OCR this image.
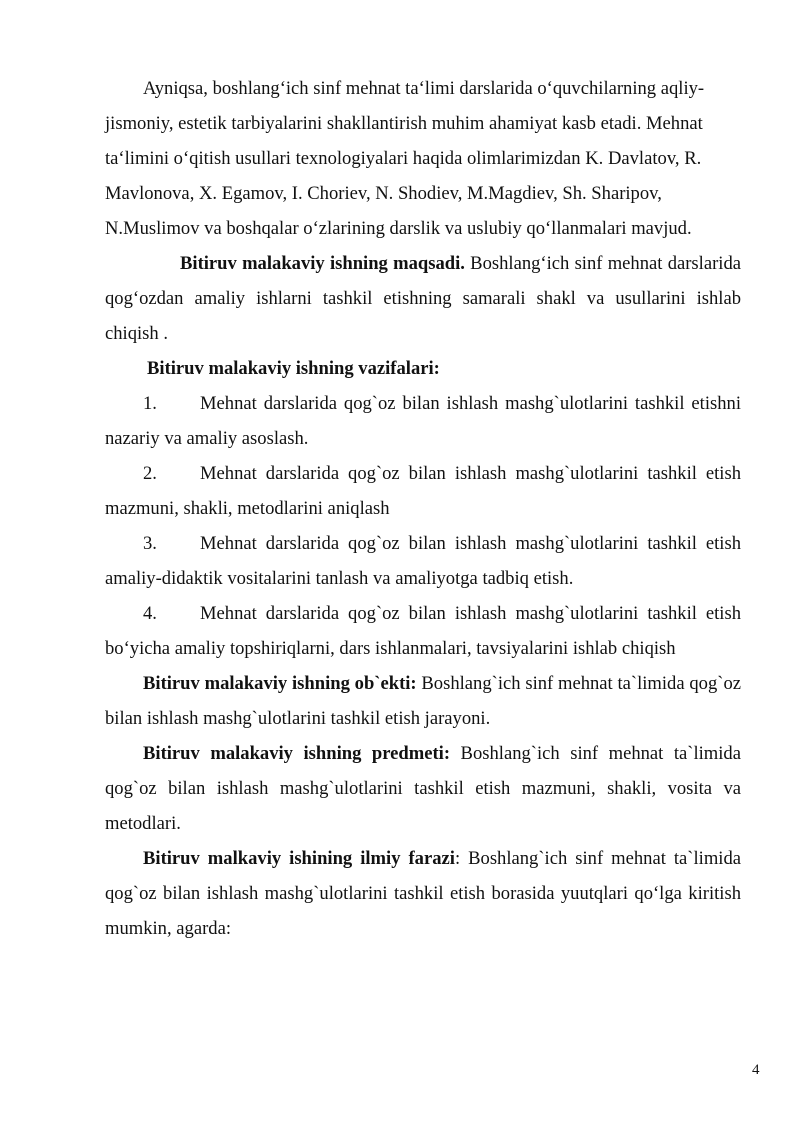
Ayniqsa, boshlang‘ich sinf mehnat ta‘limi darslarida o‘quvchilarning aqliy-jismoniy, estetik tarbiyalarini shakllantirish muhim ahamiyat kasb etadi. Mehnat ta‘limini o‘qitish usullari texnologiyalari haqida olimlarimizdan K. Davlatov, R. Mavlonova, X. Egamov, I. Choriev, N. Shodiev, M.Magdiev, Sh. Sharipov, N.Muslimov va boshqalar o‘zlarining darslik va uslubiy qo‘llanmalari mavjud.

Bitiruv malakaviy ishning maqsadi. Boshlang‘ich sinf mehnat darslarida qog‘ozdan amaliy ishlarni tashkil etishning samarali shakl va usullarini ishlab chiqish .

Bitiruv malakaviy ishning vazifalari:

1. Mehnat darslarida qog`oz bilan ishlash mashg`ulotlarini tashkil etishni nazariy va amaliy asoslash.

2. Mehnat darslarida qog`oz bilan ishlash mashg`ulotlarini tashkil etish mazmuni, shakli, metodlarini aniqlash

3. Mehnat darslarida qog`oz bilan ishlash mashg`ulotlarini tashkil etish amaliy-didaktik vositalarini tanlash va amaliyotga tadbiq etish.

4. Mehnat darslarida qog`oz bilan ishlash mashg`ulotlarini tashkil etish bo‘yicha amaliy topshiriqlarni, dars ishlanmalari, tavsiyalarini ishlab chiqish

Bitiruv malakaviy ishning ob`ekti: Boshlang`ich sinf mehnat ta`limida qog`oz bilan ishlash mashg`ulotlarini tashkil etish jarayoni.

Bitiruv malakaviy ishning predmeti: Boshlang`ich sinf mehnat ta`limida qog`oz bilan ishlash mashg`ulotlarini tashkil etish mazmuni, shakli, vosita va metodlari.

Bitiruv malkaviy ishining ilmiy farazi: Boshlang`ich sinf mehnat ta`limida qog`oz bilan ishlash mashg`ulotlarini tashkil etish borasida yuutqlari qo‘lga kiritish mumkin, agarda:

4
